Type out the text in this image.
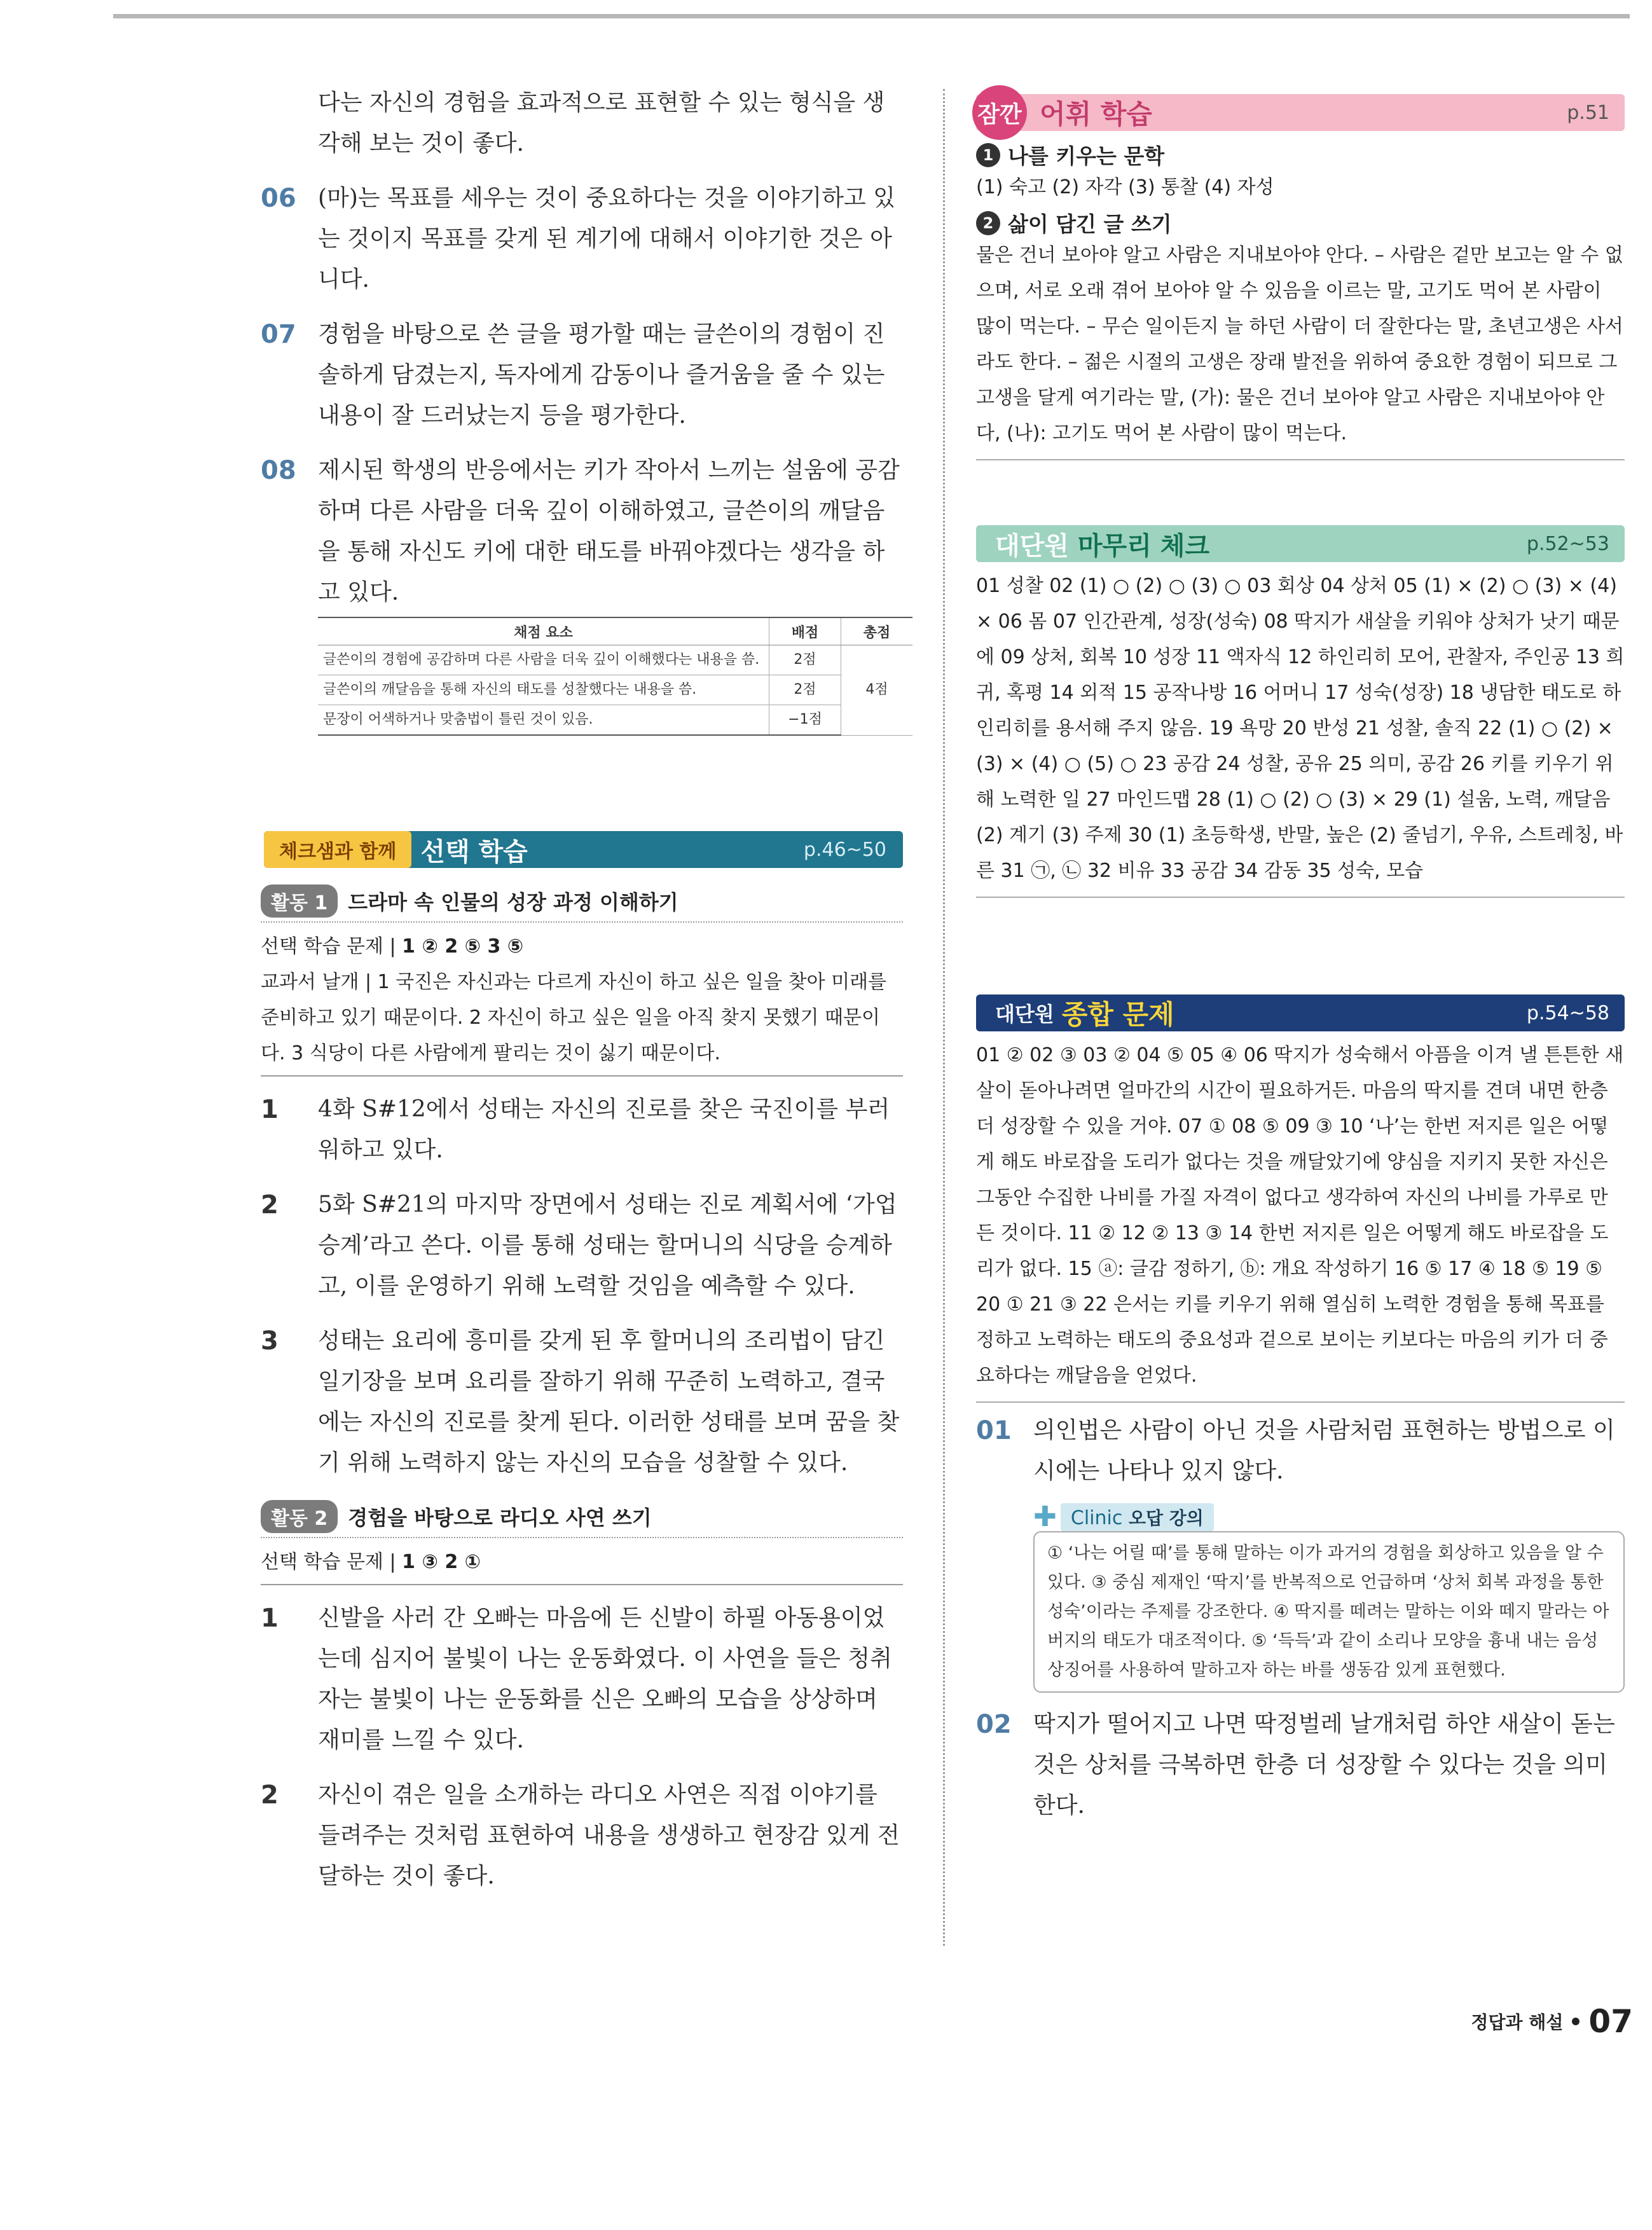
다는 자신의 경험을 효과적으로 표현할 수 있는 형식을 생각해 보는 것이 좋다.

06 (마)는 목표를 세우는 것이 중요하다는 것을 이야기하고 있는 것이지 목표를 갖게 된 계기에 대해서 이야기한 것은 아니다.
07 경험을 바탕으로 쓴 글을 평가할 때는 글쓴이의 경험이 진솔하게 담겼는지, 독자에게 감동이나 즐거움을 줄 수 있는 내용이 잘 드러났는지 등을 평가한다.
08 제시된 학생의 반응에서는 키가 작아서 느끼는 설움에 공감하며 다른 사람을 더욱 깊이 이해하였고, 글쓴이의 깨달음을 통해 자신도 키에 대한 태도를 바꿔야겠다는 생각을 하고 있다.
채점 요소	배점	총점
글쓴이의 경험에 공감하며 다른 사람을 더욱 깊이 이해했다는 내용을 씀.	2점	4점
글쓴이의 깨달음을 통해 자신의 태도를 성찰했다는 내용을 씀.	2점	
문장이 어색하거나 맞춤법이 틀린 것이 있음.	−1점	
체크샘과 함께 선택 학습	p.46~50
활동 1	드라마 속 인물의 성장 과정 이해하기
선택 학습 문제 | 1 ② 2 ⑤ 3 ⑤
교과서 날개 | 1 국진은 자신과는 다르게 자신이 하고 싶은 일을 찾아 미래를 준비하고 있기 때문이다. 2 자신이 하고 싶은 일을 아직 찾지 못했기 때문이다. 3 식당이 다른 사람에게 팔리는 것이 싫기 때문이다.
1 4화 S#12에서 성태는 자신의 진로를 찾은 국진이를 부러워하고 있다.
2 5화 S#21의 마지막 장면에서 성태는 진로 계획서에 ‘가업 승계’라고 쓴다. 이를 통해 성태는 할머니의 식당을 승계하고, 이를 운영하기 위해 노력할 것임을 예측할 수 있다.
3 성태는 요리에 흥미를 갖게 된 후 할머니의 조리법이 담긴 일기장을 보며 요리를 잘하기 위해 꾸준히 노력하고, 결국에는 자신의 진로를 찾게 된다. 이러한 성태를 보며 꿈을 찾기 위해 노력하지 않는 자신의 모습을 성찰할 수 있다.
활동 2	경험을 바탕으로 라디오 사연 쓰기
선택 학습 문제 | 1 ③ 2 ①
1 신발을 사러 간 오빠는 마음에 든 신발이 하필 아동용이었는데 심지어 불빛이 나는 운동화였다. 이 사연을 들은 청취자는 불빛이 나는 운동화를 신은 오빠의 모습을 상상하며 재미를 느낄 수 있다.
2 자신이 겪은 일을 소개하는 라디오 사연은 직접 이야기를 들려주는 것처럼 표현하여 내용을 생생하고 현장감 있게 전달하는 것이 좋다.
잠깐 어휘 학습	p.51
1 나를 키우는 문학
(1) 숙고 (2) 자각 (3) 통찰 (4) 자성
2 삶이 담긴 글 쓰기
물은 건너 보아야 알고 사람은 지내보아야 안다. – 사람은 겉만 보고는 알 수 없으며, 서로 오래 겪어 보아야 알 수 있음을 이르는 말, 고기도 먹어 본 사람이 많이 먹는다. – 무슨 일이든지 늘 하던 사람이 더 잘한다는 말, 초년고생은 사서라도 한다. – 젊은 시절의 고생은 장래 발전을 위하여 중요한 경험이 되므로 그 고생을 달게 여기라는 말, (가): 물은 건너 보아야 알고 사람은 지내보아야 안다, (나): 고기도 먹어 본 사람이 많이 먹는다.
대단원 마무리 체크	p.52~53
01 성찰 02 (1) ○ (2) ○ (3) ○ 03 회상 04 상처 05 (1) × (2) ○ (3) × (4) × 06 몸 07 인간관계, 성장(성숙) 08 딱지가 새살을 키워야 상처가 낫기 때문에 09 상처, 회복 10 성장 11 액자식 12 하인리히 모어, 관찰자, 주인공 13 희귀, 혹평 14 외적 15 공작나방 16 어머니 17 성숙(성장) 18 냉담한 태도로 하인리히를 용서해 주지 않음. 19 욕망 20 반성 21 성찰, 솔직 22 (1) ○ (2) × (3) × (4) ○ (5) ○ 23 공감 24 성찰, 공유 25 의미, 공감 26 키를 키우기 위해 노력한 일 27 마인드맵 28 (1) ○ (2) ○ (3) × 29 (1) 설움, 노력, 깨달음 (2) 계기 (3) 주제 30 (1) 초등학생, 반말, 높은 (2) 줄넘기, 우유, 스트레칭, 바른 31 ㉠, ㉡ 32 비유 33 공감 34 감동 35 성숙, 모습
대단원 종합 문제	p.54~58
01 ② 02 ③ 03 ② 04 ⑤ 05 ④ 06 딱지가 성숙해서 아픔을 이겨 낼 튼튼한 새살이 돋아나려면 얼마간의 시간이 필요하거든. 마음의 딱지를 견뎌 내면 한층 더 성장할 수 있을 거야. 07 ① 08 ⑤ 09 ③ 10 ‘나’는 한번 저지른 일은 어떻게 해도 바로잡을 도리가 없다는 것을 깨달았기에 양심을 지키지 못한 자신은 그동안 수집한 나비를 가질 자격이 없다고 생각하여 자신의 나비를 가루로 만든 것이다. 11 ② 12 ② 13 ③ 14 한번 저지른 일은 어떻게 해도 바로잡을 도리가 없다. 15 ⓐ: 글감 정하기, ⓑ: 개요 작성하기 16 ⑤ 17 ④ 18 ⑤ 19 ⑤ 20 ① 21 ③ 22 은서는 키를 키우기 위해 열심히 노력한 경험을 통해 목표를 정하고 노력하는 태도의 중요성과 겉으로 보이는 키보다는 마음의 키가 더 중요하다는 깨달음을 얻었다.
01 의인법은 사람이 아닌 것을 사람처럼 표현하는 방법으로 이 시에는 나타나 있지 않다.
✚ Clinic 오답 강의
① ‘나는 어릴 때’를 통해 말하는 이가 과거의 경험을 회상하고 있음을 알 수 있다. ③ 중심 제재인 ‘딱지’를 반복적으로 언급하며 ‘상처 회복 과정을 통한 성숙’이라는 주제를 강조한다. ④ 딱지를 떼려는 말하는 이와 떼지 말라는 아버지의 태도가 대조적이다. ⑤ ‘득득’과 같이 소리나 모양을 흉내 내는 음성 상징어를 사용하여 말하고자 하는 바를 생동감 있게 표현했다.
02 딱지가 떨어지고 나면 딱정벌레 날개처럼 하얀 새살이 돋는 것은 상처를 극복하면 한층 더 성장할 수 있다는 것을 의미한다.
정답과 해설 07
